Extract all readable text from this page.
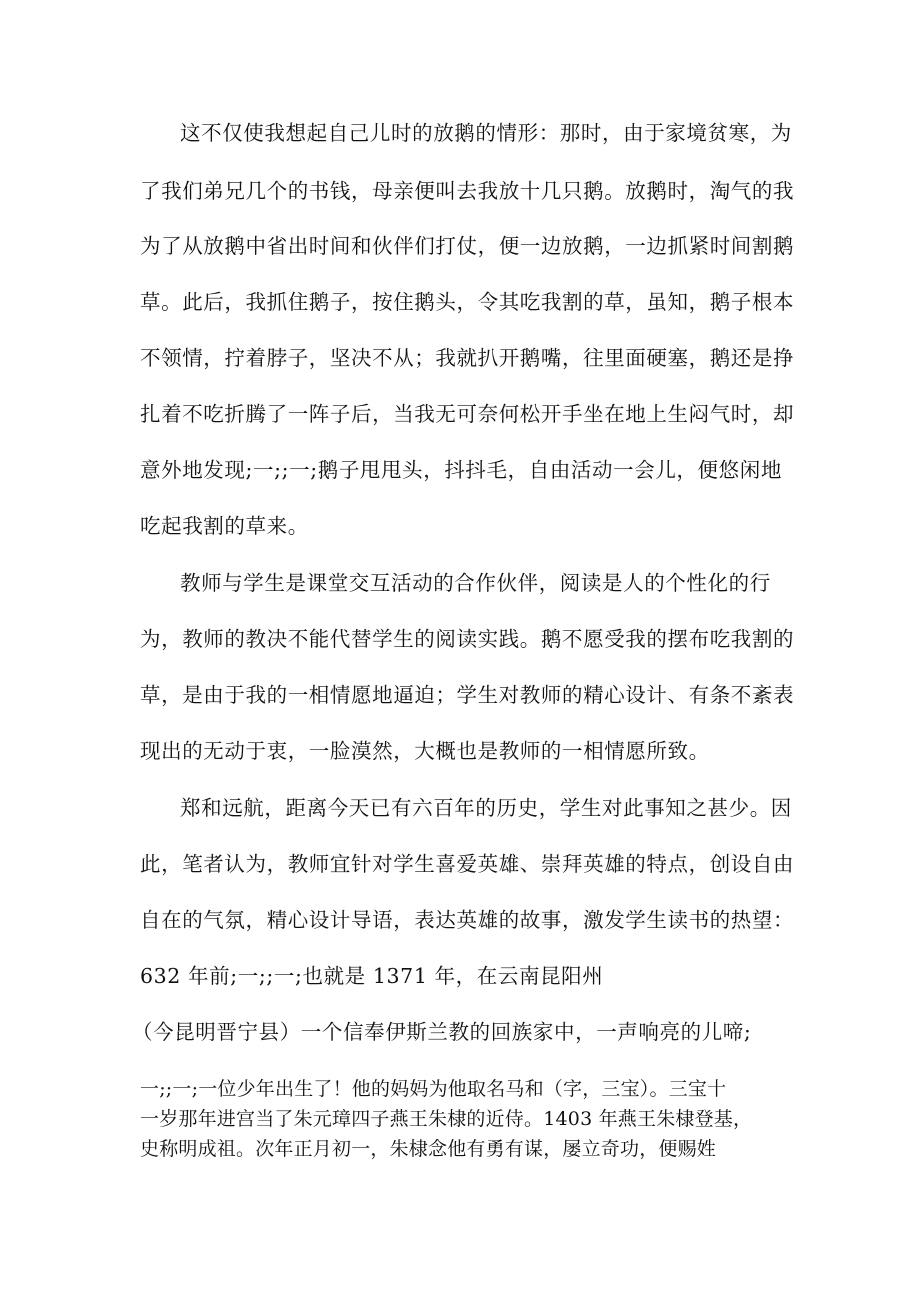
这不仅使我想起自己儿时的放鹅的情形：那时，由于家境贫寒，为
了我们弟兄几个的书钱，母亲便叫去我放十几只鹅。放鹅时，淘气的我
为了从放鹅中省出时间和伙伴们打仗，便一边放鹅，一边抓紧时间割鹅
草。此后，我抓住鹅子，按住鹅头，令其吃我割的草，虽知，鹅子根本
不领情，拧着脖子，坚决不从；我就扒开鹅嘴，往里面硬塞，鹅还是挣
扎着不吃折腾了一阵子后，当我无可奈何松开手坐在地上生闷气时，却
意外地发现;一;;一;鹅子甩甩头，抖抖毛，自由活动一会儿，便悠闲地
吃起我割的草来。
教师与学生是课堂交互活动的合作伙伴，阅读是人的个性化的行
为，教师的教决不能代替学生的阅读实践。鹅不愿受我的摆布吃我割的
草，是由于我的一相情愿地逼迫；学生对教师的精心设计、有条不紊表
现出的无动于衷，一脸漠然，大概也是教师的一相情愿所致。
郑和远航，距离今天已有六百年的历史，学生对此事知之甚少。因
此，笔者认为，教师宜针对学生喜爱英雄、崇拜英雄的特点，创设自由
自在的气氛，精心设计导语，表达英雄的故事，激发学生读书的热望：
632 年前;一;;一;也就是 1371 年，在云南昆阳州
（今昆明晋宁县）一个信奉伊斯兰教的回族家中，一声响亮的儿啼;
一;;一;一位少年出生了！他的妈妈为他取名马和（字，三宝）。三宝十
一岁那年进宫当了朱元璋四子燕王朱棣的近侍。1403 年燕王朱棣登基，
史称明成祖。次年正月初一，朱棣念他有勇有谋，屡立奇功，便赐姓
